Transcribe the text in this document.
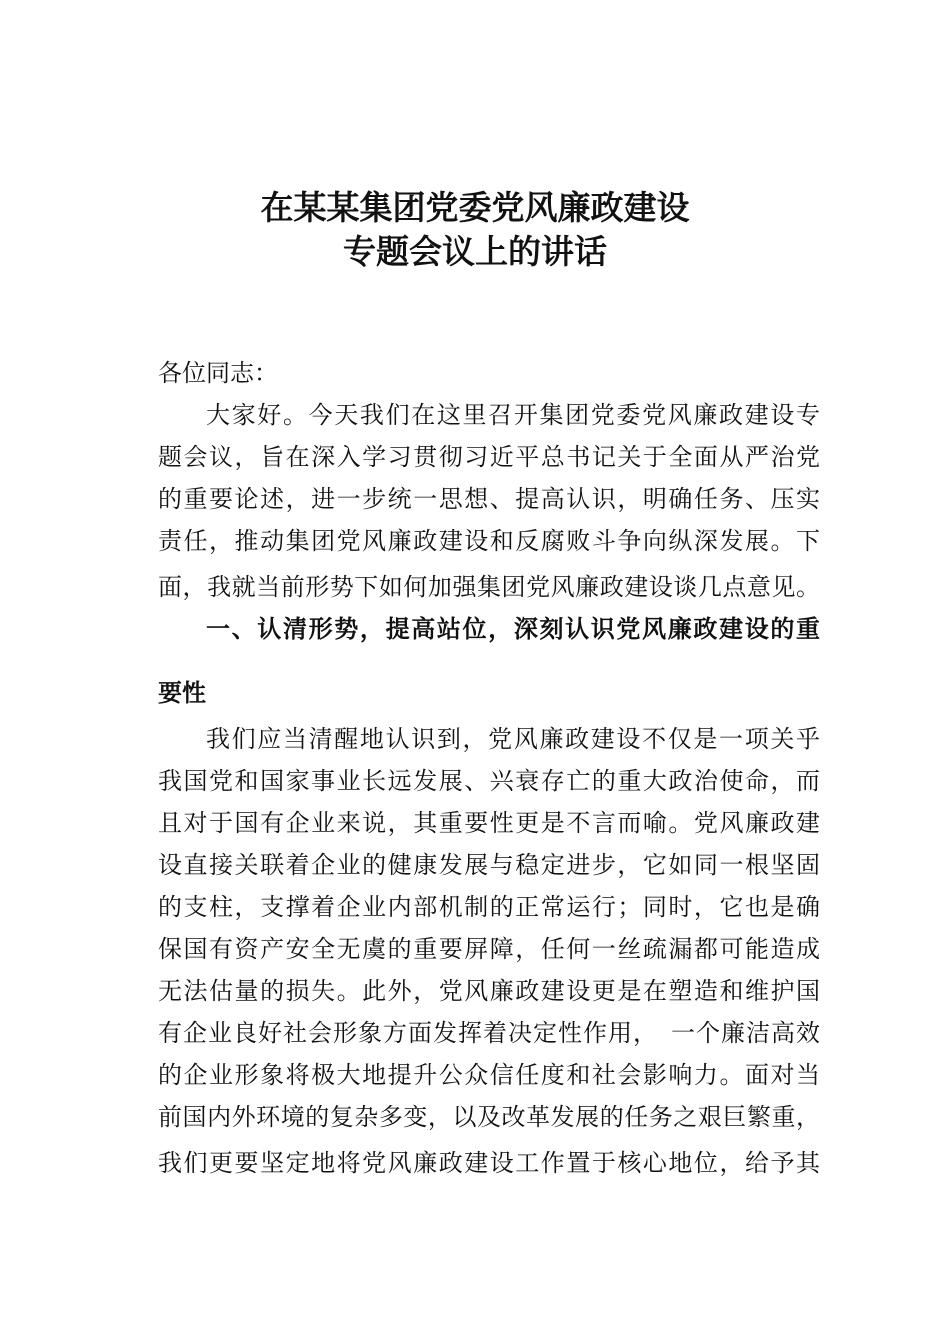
在某某集团党委党风廉政建设
专题会议上的讲话
各位同志：
大家好。今天我们在这里召开集团党委党风廉政建设专
题会议，旨在深入学习贯彻习近平总书记关于全面从严治党
的重要论述，进一步统一思想、提高认识，明确任务、压实
责任，推动集团党风廉政建设和反腐败斗争向纵深发展。下
面，我就当前形势下如何加强集团党风廉政建设谈几点意见。
一、认清形势，提高站位，深刻认识党风廉政建设的重
要性
我们应当清醒地认识到，党风廉政建设不仅是一项关乎
我国党和国家事业长远发展、兴衰存亡的重大政治使命，而
且对于国有企业来说，其重要性更是不言而喻。党风廉政建
设直接关联着企业的健康发展与稳定进步，它如同一根坚固
的支柱，支撑着企业内部机制的正常运行；同时，它也是确
保国有资产安全无虞的重要屏障，任何一丝疏漏都可能造成
无法估量的损失。此外，党风廉政建设更是在塑造和维护国
有企业良好社会形象方面发挥着决定性作用，　一个廉洁高效
的企业形象将极大地提升公众信任度和社会影响力。面对当
前国内外环境的复杂多变，以及改革发展的任务之艰巨繁重，
我们更要坚定地将党风廉政建设工作置于核心地位，给予其
